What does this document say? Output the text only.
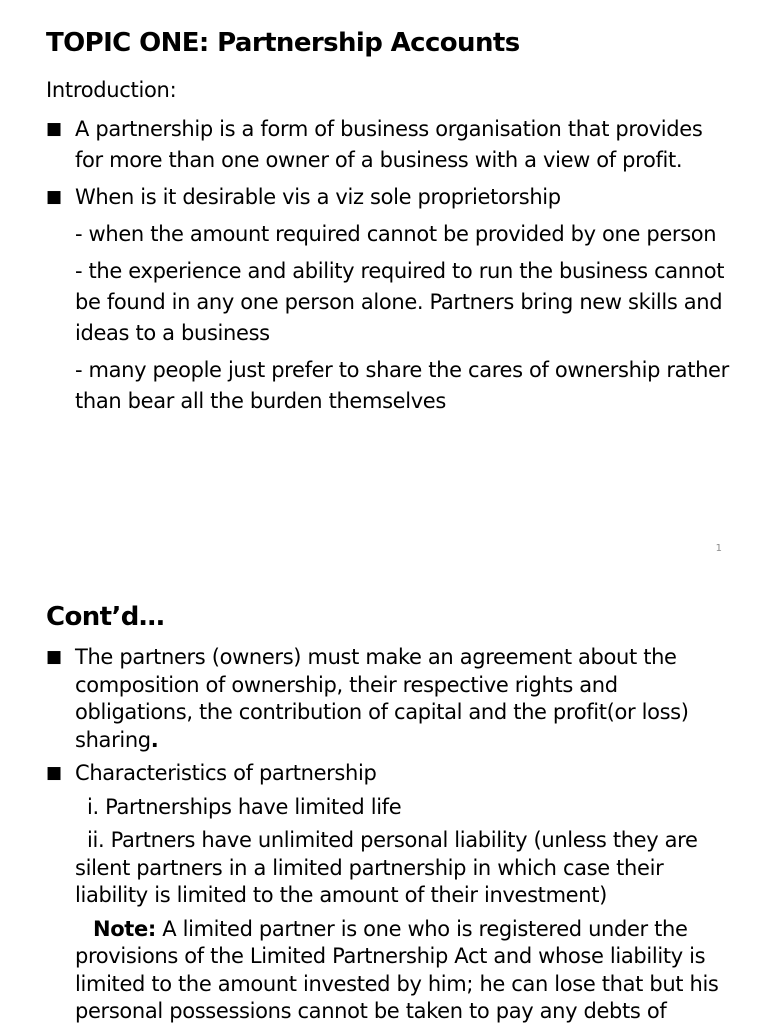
TOPIC ONE: Partnership Accounts
Introduction:

■ A partnership is a form of business organisation that provides for more than one owner of a business with a view of profit.

■ When is it desirable vis a viz sole proprietorship

- when the amount required cannot be provided by one person

- the experience and ability required to run the business cannot be found in any one person alone. Partners bring new skills and ideas to a business

- many people just prefer to share the cares of ownership rather than bear all the burden themselves

1
Cont’d…

■ The partners (owners) must make an agreement about the composition of ownership, their respective rights and obligations, the contribution of capital and the profit(or loss) sharing.

■ Characteristics of partnership

i. Partnerships have limited life

ii. Partners have unlimited personal liability (unless they are silent partners in a limited partnership in which case their liability is limited to the amount of their investment)

Note: A limited partner is one who is registered under the provisions of the Limited Partnership Act and whose liability is limited to the amount invested by him; he can lose that but his personal possessions cannot be taken to pay any debts of
